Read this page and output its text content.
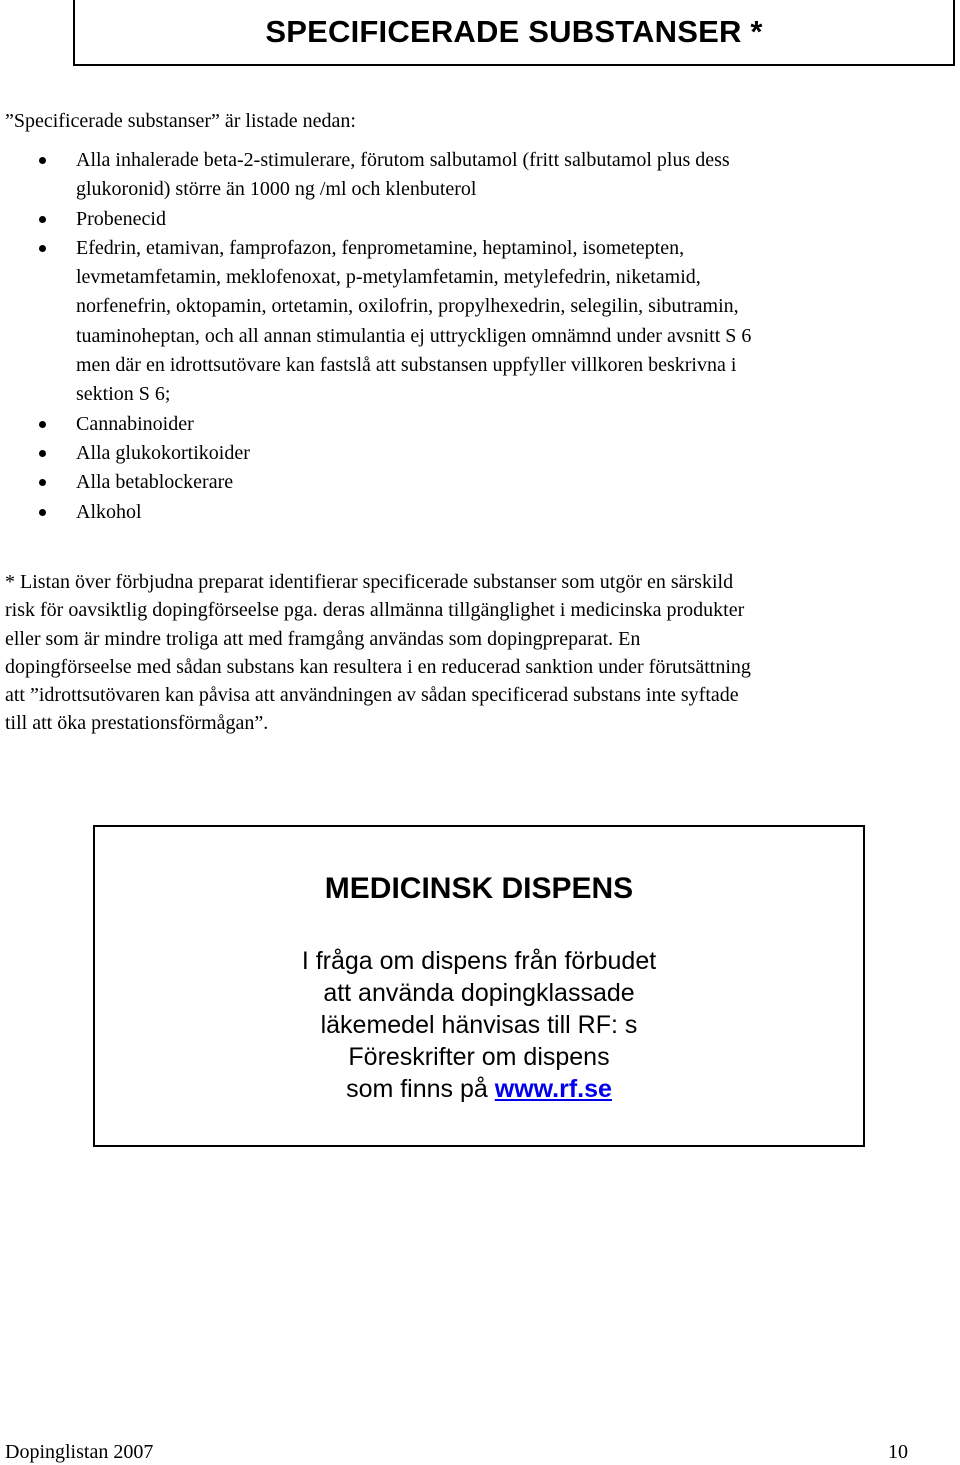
SPECIFICERADE SUBSTANSER *

”Specificerade substanser” är listade nedan:

Alla inhalerade beta-2-stimulerare, förutom salbutamol (fritt salbutamol plus dess
glukoronid) större än 1000 ng /ml och klenbuterol
Probenecid
Efedrin, etamivan, famprofazon, fenprometamine, heptaminol, isometepten,
levmetamfetamin, meklofenoxat, p-metylamfetamin, metylefedrin, niketamid,
norfenefrin, oktopamin, ortetamin, oxilofrin, propylhexedrin, selegilin, sibutramin,
tuaminoheptan, och all annan stimulantia ej uttryckligen omnämnd under avsnitt S 6
men där en idrottsutövare kan fastslå att substansen uppfyller villkoren beskrivna i
sektion S 6;
Cannabinoider
Alla glukokortikoider
Alla betablockerare
Alkohol

* Listan över förbjudna preparat identifierar specificerade substanser som utgör en särskild
risk för oavsiktlig dopingförseelse pga. deras allmänna tillgänglighet i medicinska produkter
eller som är mindre troliga att med framgång användas som dopingpreparat. En
dopingförseelse med sådan substans kan resultera i en reducerad sanktion under förutsättning
att ”idrottsutövaren kan påvisa att användningen av sådan specificerad substans inte syftade
till att öka prestationsförmågan”.

MEDICINSK DISPENS
I fråga om dispens från förbudet
att använda dopingklassade
läkemedel hänvisas till RF: s
Föreskrifter om dispens
som finns på www.rf.se
Dopinglistan 2007	10
